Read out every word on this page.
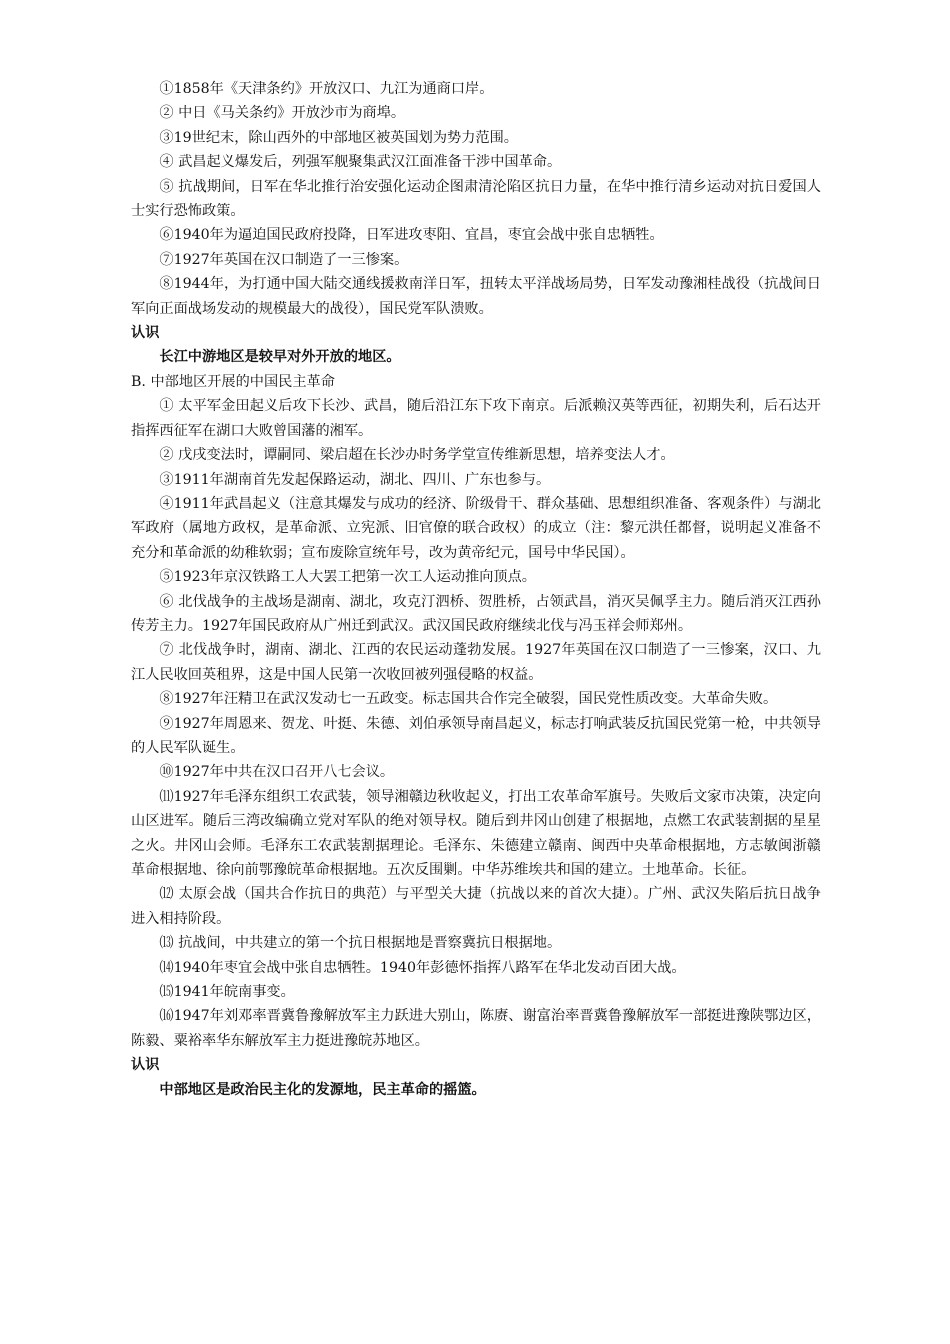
①1858年《天津条约》开放汉口、九江为通商口岸。

② 中日《马关条约》开放沙市为商埠。

③19世纪末，除山西外的中部地区被英国划为势力范围。

④ 武昌起义爆发后，列强军舰聚集武汉江面准备干涉中国革命。

⑤ 抗战期间，日军在华北推行治安强化运动企图肃清沦陷区抗日力量，在华中推行清乡运动对抗日爱国人士实行恐怖政策。

⑥1940年为逼迫国民政府投降，日军进攻枣阳、宜昌，枣宜会战中张自忠牺牲。

⑦1927年英国在汉口制造了一三惨案。

⑧1944年，为打通中国大陆交通线援救南洋日军，扭转太平洋战场局势，日军发动豫湘桂战役（抗战间日军向正面战场发动的规模最大的战役），国民党军队溃败。

认识

长江中游地区是较早对外开放的地区。

B. 中部地区开展的中国民主革命

① 太平军金田起义后攻下长沙、武昌，随后沿江东下攻下南京。后派赖汉英等西征，初期失利，后石达开指挥西征军在湖口大败曾国藩的湘军。

② 戊戌变法时，谭嗣同、梁启超在长沙办时务学堂宣传维新思想，培养变法人才。

③1911年湖南首先发起保路运动，湖北、四川、广东也参与。

④1911年武昌起义（注意其爆发与成功的经济、阶级骨干、群众基础、思想组织准备、客观条件）与湖北军政府（属地方政权，是革命派、立宪派、旧官僚的联合政权）的成立（注：黎元洪任都督，说明起义准备不充分和革命派的幼稚软弱；宣布废除宣统年号，改为黄帝纪元，国号中华民国）。

⑤1923年京汉铁路工人大罢工把第一次工人运动推向顶点。

⑥ 北伐战争的主战场是湖南、湖北，攻克汀泗桥、贺胜桥，占领武昌，消灭吴佩孚主力。随后消灭江西孙传芳主力。1927年国民政府从广州迁到武汉。武汉国民政府继续北伐与冯玉祥会师郑州。

⑦ 北伐战争时，湖南、湖北、江西的农民运动蓬勃发展。1927年英国在汉口制造了一三惨案，汉口、九江人民收回英租界，这是中国人民第一次收回被列强侵略的权益。

⑧1927年汪精卫在武汉发动七一五政变。标志国共合作完全破裂，国民党性质改变。大革命失败。

⑨1927年周恩来、贺龙、叶挺、朱德、刘伯承领导南昌起义，标志打响武装反抗国民党第一枪，中共领导的人民军队诞生。

⑩1927年中共在汉口召开八七会议。

⑾1927年毛泽东组织工农武装，领导湘赣边秋收起义，打出工农革命军旗号。失败后文家市决策，决定向山区进军。随后三湾改编确立党对军队的绝对领导权。随后到井冈山创建了根据地，点燃工农武装割据的星星之火。井冈山会师。毛泽东工农武装割据理论。毛泽东、朱德建立赣南、闽西中央革命根据地，方志敏闽浙赣革命根据地、徐向前鄂豫皖革命根据地。五次反围剿。中华苏维埃共和国的建立。土地革命。长征。

⑿ 太原会战（国共合作抗日的典范）与平型关大捷（抗战以来的首次大捷）。广州、武汉失陷后抗日战争进入相持阶段。

⒀ 抗战间，中共建立的第一个抗日根据地是晋察冀抗日根据地。

⒁1940年枣宜会战中张自忠牺牲。1940年彭德怀指挥八路军在华北发动百团大战。

⒂1941年皖南事变。

⒃1947年刘邓率晋冀鲁豫解放军主力跃进大别山，陈赓、谢富治率晋冀鲁豫解放军一部挺进豫陕鄂边区，陈毅、粟裕率华东解放军主力挺进豫皖苏地区。

认识

中部地区是政治民主化的发源地，民主革命的摇篮。
